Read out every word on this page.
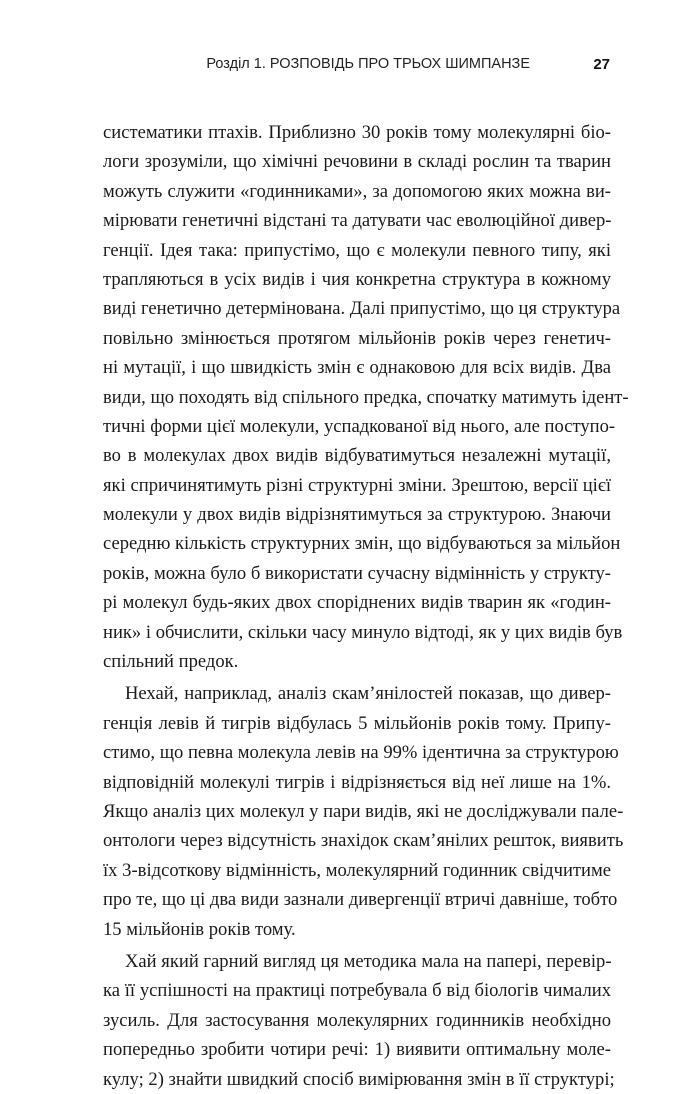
Розділ 1. РОЗПОВІДЬ ПРО ТРЬОХ ШИМПАНЗЕ	27
систематики птахів. Приблизно 30 років тому молекулярні біо-
логи зрозуміли, що хімічні речовини в складі рослин та тварин
можуть служити «годинниками», за допомогою яких можна ви-
мірювати генетичні відстані та датувати час еволюційної дивер-
генції. Ідея така: припустімо, що є молекули певного типу, які
трапляються в усіх видів і чия конкретна структура в кожному
виді генетично детермінована. Далі припустімо, що ця структура
повільно змінюється протягом мільйонів років через генетич-
ні мутації, і що швидкість змін є однаковою для всіх видів. Два
види, що походять від спільного предка, спочатку матимуть ідент-
тичні форми цієї молекули, успадкованої від нього, але поступо-
во в молекулах двох видів відбуватимуться незалежні мутації,
які спричинятимуть різні структурні зміни. Зрештою, версії цієї
молекули у двох видів відрізнятимуться за структурою. Знаючи
середню кількість структурних змін, що відбуваються за мільйон
років, можна було б використати сучасну відмінність у структу-
рі молекул будь-яких двох споріднених видів тварин як «годин-
ник» і обчислити, скільки часу минуло відтоді, як у цих видів був
спільний предок.
Нехай, наприклад, аналіз скам’янілостей показав, що дивер-
генція левів й тигрів відбулась 5 мільйонів років тому. Припу-
стимо, що певна молекула левів на 99% ідентична за структурою
відповідній молекулі тигрів і відрізняється від неї лише на 1%.
Якщо аналіз цих молекул у пари видів, які не досліджували пале-
онтологи через відсутність знахідок скам’янілих решток, виявить
їх 3-відсоткову відмінність, молекулярний годинник свідчитиме
про те, що ці два види зазнали дивергенції втричі давніше, тобто
15 мільйонів років тому.
Хай який гарний вигляд ця методика мала на папері, перевір-
ка її успішності на практиці потребувала б від біологів чималих
зусиль. Для застосування молекулярних годинників необхідно
попередньо зробити чотири речі: 1) виявити оптимальну моле-
кулу; 2) знайти швидкий спосіб вимірювання змін в її структурі;
